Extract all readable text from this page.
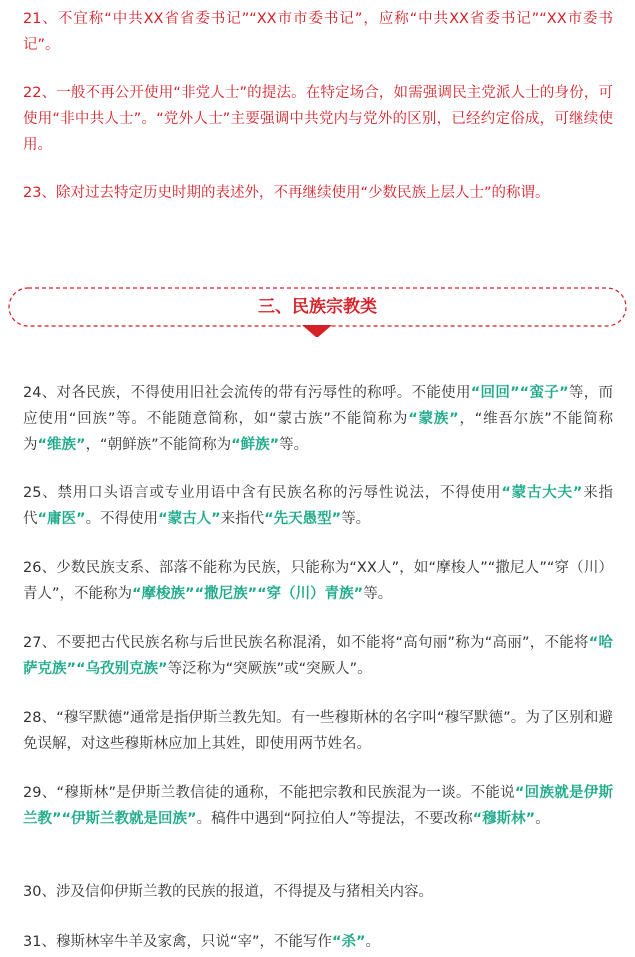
21、不宜称“中共XX省省委书记”“XX市市委书记”，应称“中共XX省委书记”“XX市委书记”。

22、一般不再公开使用“非党人士”的提法。在特定场合，如需强调民主党派人士的身份，可使用“非中共人士”。“党外人士”主要强调中共党内与党外的区别，已经约定俗成，可继续使用。

23、除对过去特定历史时期的表述外，不再继续使用“少数民族上层人士”的称谓。

三、民族宗教类

24、对各民族，不得使用旧社会流传的带有污辱性的称呼。不能使用“回回”“蛮子”等，而应使用“回族”等。不能随意简称，如“蒙古族”不能简称为“蒙族”，“维吾尔族”不能简称为“维族”，“朝鲜族”不能简称为“鲜族”等。

25、禁用口头语言或专业用语中含有民族名称的污辱性说法，不得使用“蒙古大夫”来指代“庸医”。不得使用“蒙古人”来指代“先天愚型”等。

26、少数民族支系、部落不能称为民族，只能称为“XX人”，如“摩梭人”“撒尼人”“穿（川）青人”，不能称为“摩梭族”“撒尼族”“穿（川）青族”等。

27、不要把古代民族名称与后世民族名称混淆，如不能将“高句丽”称为“高丽”，不能将“哈萨克族”“乌孜别克族”等泛称为“突厥族”或“突厥人”。

28、“穆罕默德”通常是指伊斯兰教先知。有一些穆斯林的名字叫“穆罕默德”。为了区别和避免误解，对这些穆斯林应加上其姓，即使用两节姓名。

29、“穆斯林”是伊斯兰教信徒的通称，不能把宗教和民族混为一谈。不能说“回族就是伊斯兰教”“伊斯兰教就是回族”。稿件中遇到“阿拉伯人”等提法，不要改称“穆斯林”。

30、涉及信仰伊斯兰教的民族的报道，不得提及与猪相关内容。

31、穆斯林宰牛羊及家禽，只说“宰”，不能写作“杀”。
